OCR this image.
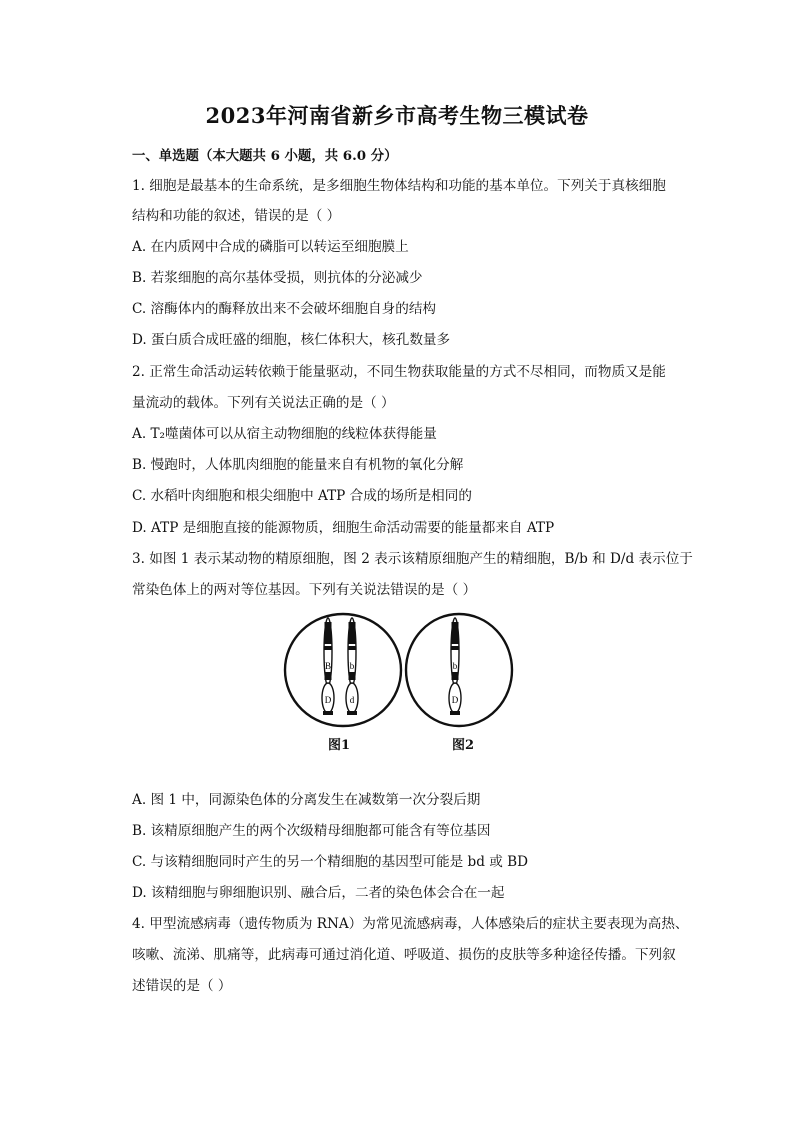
2023年河南省新乡市高考生物三模试卷
一、单选题（本大题共 6 小题，共 6.0 分）
1. 细胞是最基本的生命系统，是多细胞生物体结构和功能的基本单位。下列关于真核细胞
结构和功能的叙述，错误的是（ ）
A. 在内质网中合成的磷脂可以转运至细胞膜上
B. 若浆细胞的高尔基体受损，则抗体的分泌减少
C. 溶酶体内的酶释放出来不会破坏细胞自身的结构
D. 蛋白质合成旺盛的细胞，核仁体积大，核孔数量多
2. 正常生命活动运转依赖于能量驱动，不同生物获取能量的方式不尽相同，而物质又是能
量流动的载体。下列有关说法正确的是（ ）
A. T₂噬菌体可以从宿主动物细胞的线粒体获得能量
B. 慢跑时，人体肌肉细胞的能量来自有机物的氧化分解
C. 水稻叶肉细胞和根尖细胞中 ATP 合成的场所是相同的
D. ATP 是细胞直接的能源物质，细胞生命活动需要的能量都来自 ATP
3. 如图 1 表示某动物的精原细胞，图 2 表示该精原细胞产生的精细胞，B/b 和 D/d 表示位于
常染色体上的两对等位基因。下列有关说法错误的是（ ）
B
D
b
d
b
D
图1	图2
A. 图 1 中，同源染色体的分离发生在减数第一次分裂后期
B. 该精原细胞产生的两个次级精母细胞都可能含有等位基因
C. 与该精细胞同时产生的另一个精细胞的基因型可能是 bd 或 BD
D. 该精细胞与卵细胞识别、融合后，二者的染色体会合在一起
4. 甲型流感病毒（遗传物质为 RNA）为常见流感病毒，人体感染后的症状主要表现为高热、
咳嗽、流涕、肌痛等，此病毒可通过消化道、呼吸道、损伤的皮肤等多种途径传播。下列叙
述错误的是（ ）
